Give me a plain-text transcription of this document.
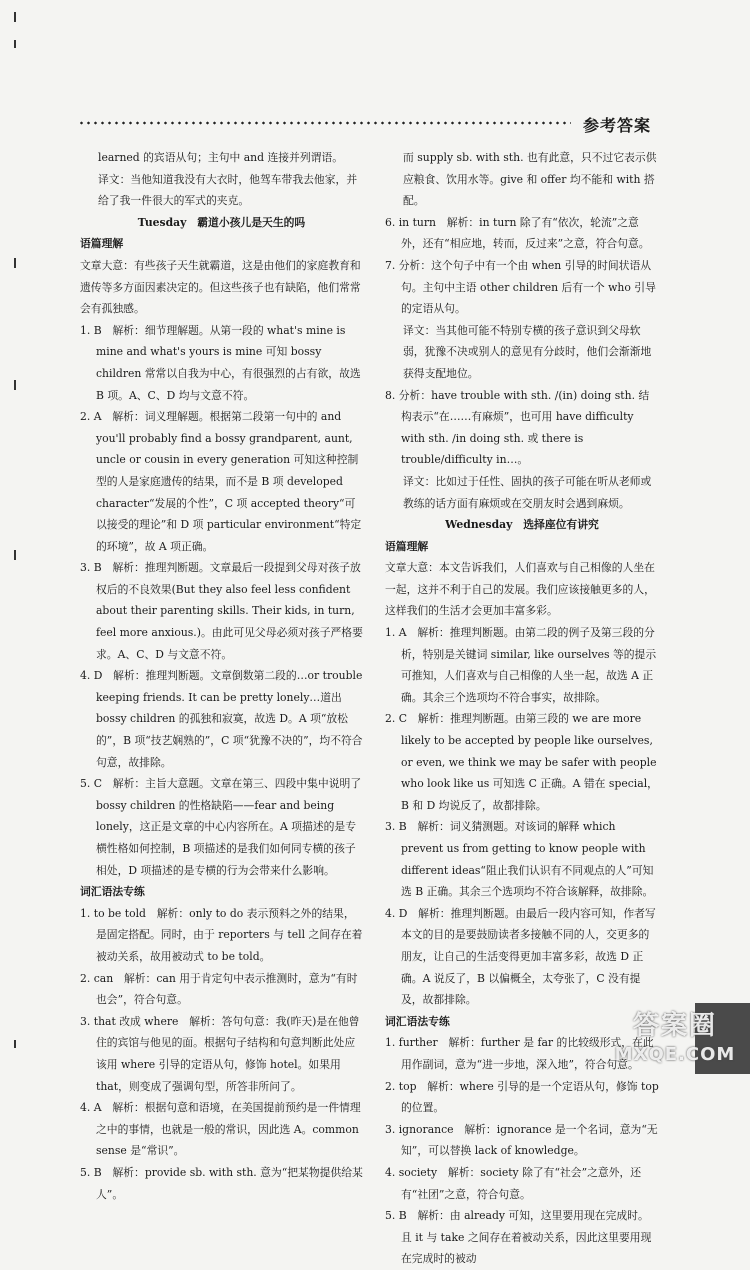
参考答案

learned 的宾语从句；主句中 and 连接并列谓语。

译文：当他知道我没有大衣时，他驾车带我去他家，并给了我一件很大的军式的夹克。

Tuesday　霸道小孩儿是天生的吗

语篇理解

文章大意：有些孩子天生就霸道，这是由他们的家庭教育和遗传等多方面因素决定的。但这些孩子也有缺陷，他们常常会有孤独感。

1. B　解析：细节理解题。从第一段的 what's mine is mine and what's yours is mine 可知 bossy children 常常以自我为中心，有很强烈的占有欲，故选 B 项。A、C、D 均与文意不符。

2. A　解析：词义理解题。根据第二段第一句中的 and you'll probably find a bossy grandparent, aunt, uncle or cousin in every generation 可知这种控制型的人是家庭遗传的结果，而不是 B 项 developed character“发展的个性”，C 项 accepted theory“可以接受的理论”和 D 项 particular environment“特定的环境”，故 A 项正确。

3. B　解析：推理判断题。文章最后一段提到父母对孩子放权后的不良效果(But they also feel less confident about their parenting skills. Their kids, in turn, feel more anxious.)。由此可见父母必须对孩子严格要求。A、C、D 与文意不符。

4. D　解析：推理判断题。文章倒数第二段的…or trouble keeping friends. It can be pretty lonely…道出 bossy children 的孤独和寂寞，故选 D。A 项“放松的”，B 项“技艺娴熟的”，C 项“犹豫不决的”，均不符合句意，故排除。

5. C　解析：主旨大意题。文章在第三、四段中集中说明了 bossy children 的性格缺陷——fear and being lonely，这正是文章的中心内容所在。A 项描述的是专横性格如何控制，B 项描述的是我们如何同专横的孩子相处，D 项描述的是专横的行为会带来什么影响。

词汇语法专练

1. to be told　解析：only to do 表示预料之外的结果，是固定搭配。同时，由于 reporters 与 tell 之间存在着被动关系，故用被动式 to be told。

2. can　解析：can 用于肯定句中表示推测时，意为“有时也会”，符合句意。

3. that 改成 where　解析：答句句意：我(昨天)是在他曾住的宾馆与他见的面。根据句子结构和句意判断此处应该用 where 引导的定语从句，修饰 hotel。如果用 that，则变成了强调句型，所答非所问了。

4. A　解析：根据句意和语境，在美国提前预约是一件情理之中的事情，也就是一般的常识，因此选 A。common sense 是“常识”。

5. B　解析：provide sb. with sth. 意为“把某物提供给某人”。

而 supply sb. with sth. 也有此意，只不过它表示供应粮食、饮用水等。give 和 offer 均不能和 with 搭配。

6. in turn　解析：in turn 除了有“依次，轮流”之意外，还有“相应地，转而，反过来”之意，符合句意。

7. 分析：这个句子中有一个由 when 引导的时间状语从句。主句中主语 other children 后有一个 who 引导的定语从句。

译文：当其他可能不特别专横的孩子意识到父母软弱，犹豫不决或别人的意见有分歧时，他们会渐渐地获得支配地位。

8. 分析：have trouble with sth. /(in) doing sth. 结构表示“在……有麻烦”，也可用 have difficulty with sth. /in doing sth. 或 there is trouble/difficulty in…。

译文：比如过于任性、固执的孩子可能在听从老师或教练的话方面有麻烦或在交朋友时会遇到麻烦。

Wednesday　选择座位有讲究

语篇理解

文章大意：本文告诉我们，人们喜欢与自己相像的人坐在一起，这并不利于自己的发展。我们应该接触更多的人，这样我们的生活才会更加丰富多彩。

1. A　解析：推理判断题。由第二段的例子及第三段的分析，特别是关键词 similar, like ourselves 等的提示可推知，人们喜欢与自己相像的人坐一起，故选 A 正确。其余三个选项均不符合事实，故排除。

2. C　解析：推理判断题。由第三段的 we are more likely to be accepted by people like ourselves, or even, we think we may be safer with people who look like us 可知选 C 正确。A 错在 special，B 和 D 均说反了，故都排除。

3. B　解析：词义猜测题。对该词的解释 which prevent us from getting to know people with different ideas“阻止我们认识有不同观点的人”可知选 B 正确。其余三个选项均不符合该解释，故排除。

4. D　解析：推理判断题。由最后一段内容可知，作者写本文的目的是要鼓励读者多接触不同的人，交更多的朋友，让自己的生活变得更加丰富多彩，故选 D 正确。A 说反了，B 以偏概全，太夸张了，C 没有提及，故都排除。

词汇语法专练

1. further　解析：further 是 far 的比较级形式，在此用作副词，意为“进一步地，深入地”，符合句意。

2. top　解析：where 引导的是一个定语从句，修饰 top 的位置。

3. ignorance　解析：ignorance 是一个名词，意为“无知”，可以替换 lack of knowledge。

4. society　解析：society 除了有“社会”之意外，还有“社团”之意，符合句意。

5. B　解析：由 already 可知，这里要用现在完成时。且 it 与 take 之间存在着被动关系，因此这里要用现在完成时的被动

答案圈
MXQE.COM
